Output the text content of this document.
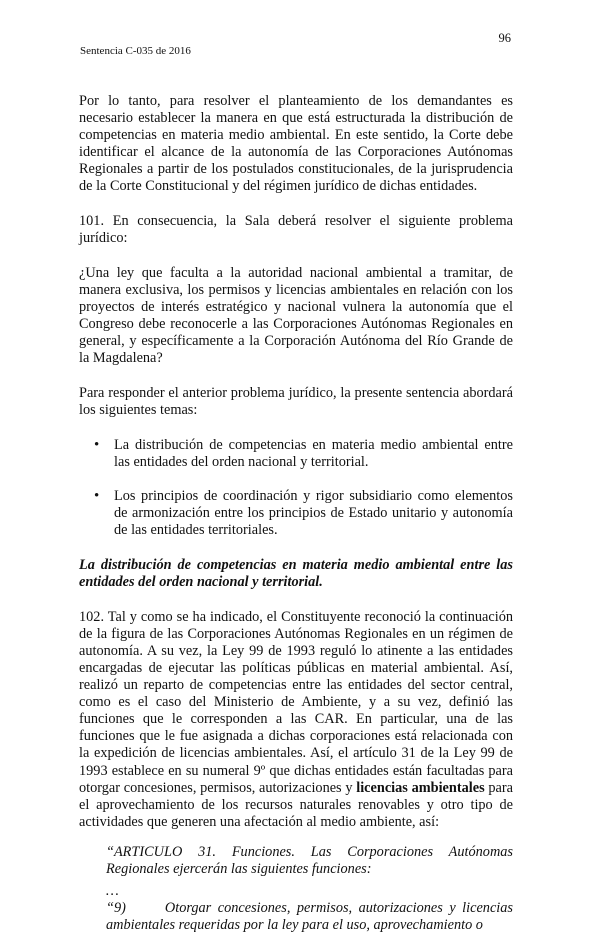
96
Sentencia C-035 de 2016

Por lo tanto, para resolver el planteamiento de los demandantes es necesario establecer la manera en que está estructurada la distribución de competencias en materia medio ambiental. En este sentido, la Corte debe identificar el alcance de la autonomía de las Corporaciones Autónomas Regionales a partir de los postulados constitucionales, de la jurisprudencia de la Corte Constitucional y del régimen jurídico de dichas entidades.

101. En consecuencia, la Sala deberá resolver el siguiente problema jurídico:

¿Una ley que faculta a la autoridad nacional ambiental a tramitar, de manera exclusiva, los permisos y licencias ambientales en relación con los proyectos de interés estratégico y nacional vulnera la autonomía que el Congreso debe reconocerle a las Corporaciones Autónomas Regionales en general, y específicamente a la Corporación Autónoma del Río Grande de la Magdalena?

Para responder el anterior problema jurídico, la presente sentencia abordará los siguientes temas:

• La distribución de competencias en materia medio ambiental entre las entidades del orden nacional y territorial.
• Los principios de coordinación y rigor subsidiario como elementos de armonización entre los principios de Estado unitario y autonomía de las entidades territoriales.

La distribución de competencias en materia medio ambiental entre las entidades del orden nacional y territorial.

102. Tal y como se ha indicado, el Constituyente reconoció la continuación de la figura de las Corporaciones Autónomas Regionales en un régimen de autonomía. A su vez, la Ley 99 de 1993 reguló lo atinente a las entidades encargadas de ejecutar las políticas públicas en material ambiental. Así, realizó un reparto de competencias entre las entidades del sector central, como es el caso del Ministerio de Ambiente, y a su vez, definió las funciones que le corresponden a las CAR. En particular, una de las funciones que le fue asignada a dichas corporaciones está relacionada con la expedición de licencias ambientales. Así, el artículo 31 de la Ley 99 de 1993 establece en su numeral 9º que dichas entidades están facultadas para otorgar concesiones, permisos, autorizaciones y licencias ambientales para el aprovechamiento de los recursos naturales renovables y otro tipo de actividades que generen una afectación al medio ambiente, así:

“ARTICULO 31. Funciones. Las Corporaciones Autónomas Regionales ejercerán las siguientes funciones:
…
“9)      Otorgar concesiones, permisos, autorizaciones y licencias ambientales requeridas por la ley para el uso, aprovechamiento o
